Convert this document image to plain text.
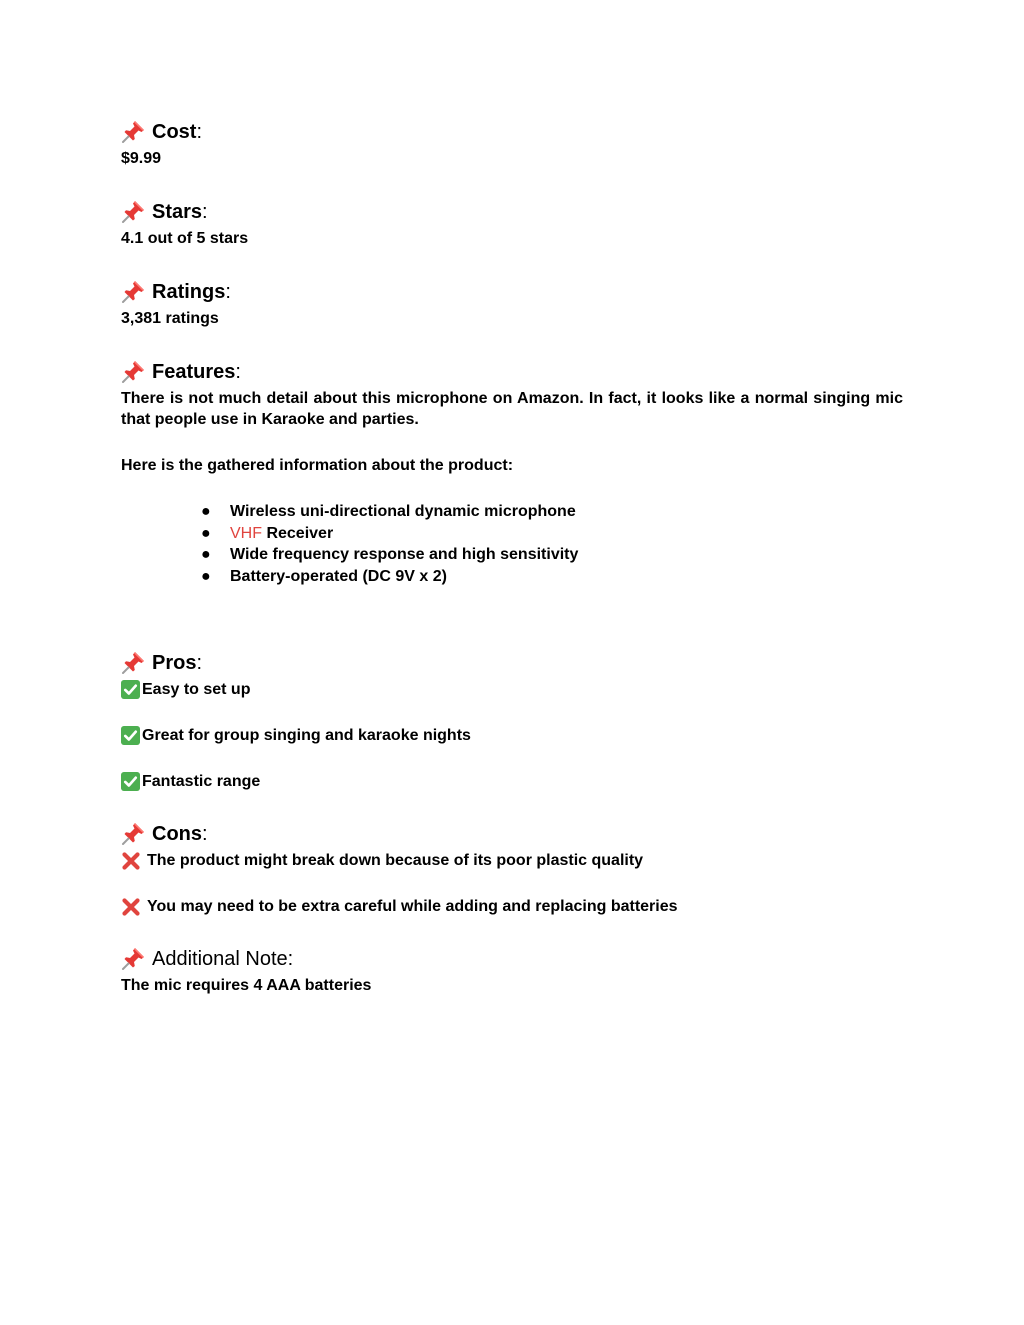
Cost :

$9.99

Stars :

4.1 out of 5 stars

Ratings :

3,381 ratings

Features :

There is not much detail about this microphone on Amazon. In fact, it looks like a normal singing mic that people use in Karaoke and parties.

Here is the gathered information about the product:

●	Wireless uni-directional dynamic microphone
●	VHF Receiver
●	Wide frequency response and high sensitivity
●	Battery-operated (DC 9V x 2)
Pros :
Easy to set up
Great for group singing and karaoke nights
Fantastic range
Cons :
The product might break down because of its poor plastic quality
You may need to be extra careful while adding and replacing batteries
Additional Note :

The mic requires 4 AAA batteries
